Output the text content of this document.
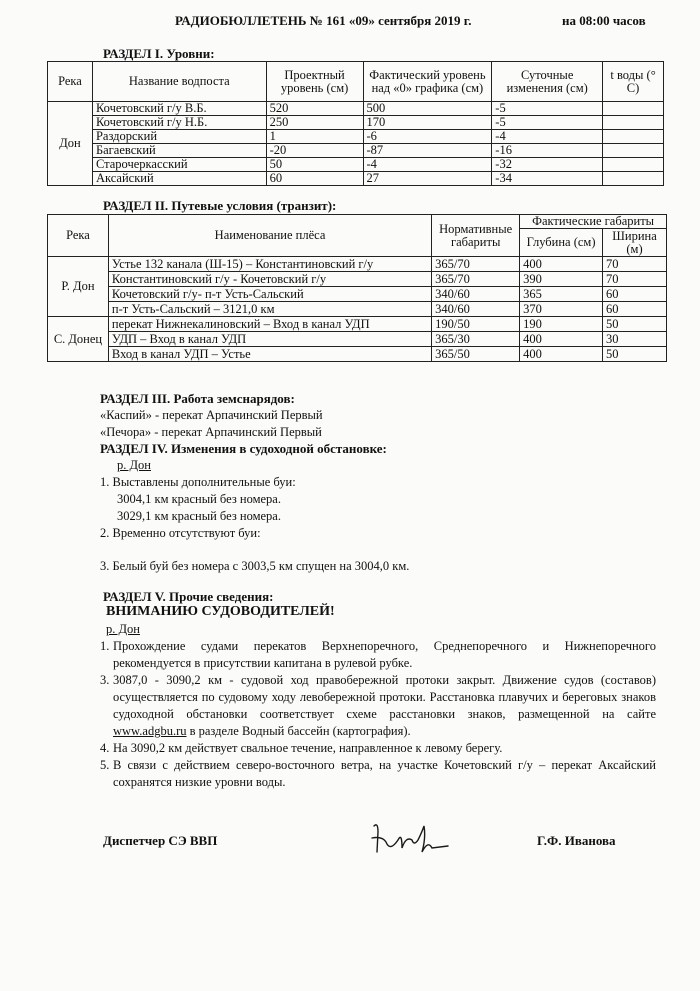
РАДИОБЮЛЛЕТЕНЬ № 161 «09» сентября 2019 г.	на 08:00 часов
РАЗДЕЛ I. Уровни:
Река	Название водпоста	Проектный уровень (см)	Фактический уровень над «0» графика (см)	Суточные изменения (см)	t воды (° С)
Дон	Кочетовский г/у В.Б.	520	500	-5	
	Кочетовский г/у Н.Б.	250	170	-5	
	Раздорский	1	-6	-4	
	Багаевский	-20	-87	-16	
	Старочеркасский	50	-4	-32	
	Аксайский	60	27	-34	
РАЗДЕЛ II. Путевые условия (транзит):
Река	Наименование плёса	Нормативные габариты	Фактические габариты	
			Глубина (см)	Ширина (м)
Р. Дон	Устье 132 канала (Ш-15) – Константиновский г/у	365/70	400	70
	Константиновский г/у - Кочетовский г/у	365/70	390	70
	Кочетовский г/у- п-т Усть-Сальский	340/60	365	60
	п-т Усть-Сальский – 3121,0 км	340/60	370	60
С. Донец	перекат Нижнекалиновский – Вход в канал УДП	190/50	190	50
	УДП – Вход в канал УДП	365/30	400	30
	Вход в канал УДП – Устье	365/50	400	50
РАЗДЕЛ III. Работа земснарядов:
«Каспий» - перекат Арпачинский Первый
«Печора» - перекат Арпачинский Первый
РАЗДЕЛ IV. Изменения в судоходной обстановке:
р. Дон
1. Выставлены дополнительные буи:
3004,1 км красный без номера.
3029,1 км красный без номера.
2. Временно отсутствуют буи:
3. Белый буй без номера с 3003,5 км спущен на 3004,0 км.
РАЗДЕЛ V. Прочие сведения:
ВНИМАНИЮ СУДОВОДИТЕЛЕЙ!
р. Дон
1. Прохождение судами перекатов Верхнепоречного, Среднепоречного и Нижнепоречного рекомендуется в присутствии капитана в рулевой рубке.
3. 3087,0 - 3090,2 км - судовой ход правобережной протоки закрыт. Движение судов (составов) осуществляется по судовому ходу левобережной протоки. Расстановка плавучих и береговых знаков судоходной обстановки соответствует схеме расстановки знаков, размещенной на сайте www.adgbu.ru в разделе Водный бассейн (картография).
4. На 3090,2 км действует свальное течение, направленное к левому берегу.
5. В связи с действием северо-восточного ветра, на участке Кочетовский г/у – перекат Аксайский сохранятся низкие уровни воды.
Диспетчер СЭ ВВП	Г.Ф. Иванова
